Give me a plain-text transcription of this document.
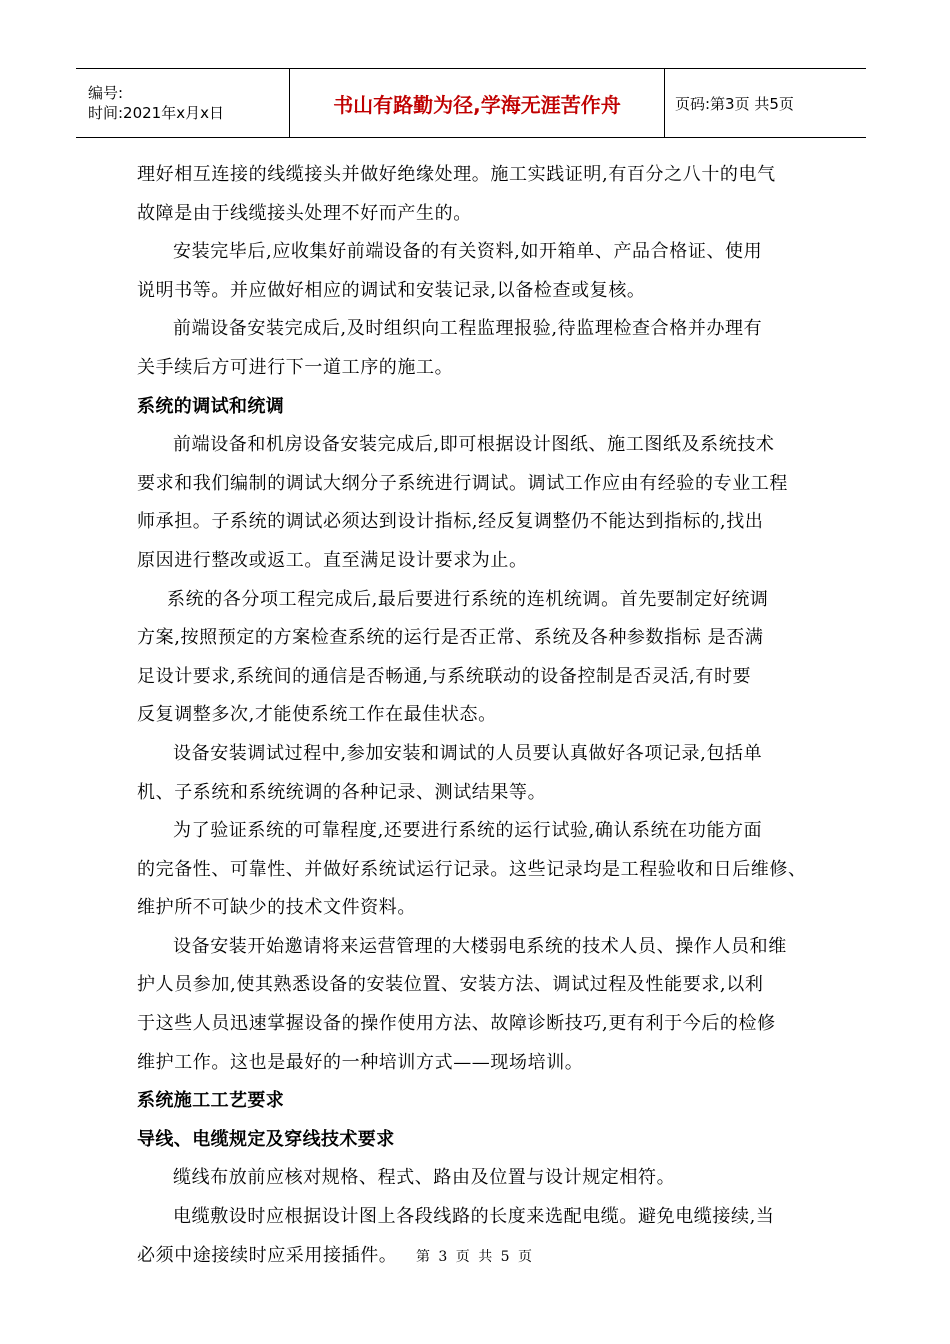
编号:
时间:2021年x月x日	书山有路勤为径,学海无涯苦作舟	页码:第3页 共5页
理好相互连接的线缆接头并做好绝缘处理。施工实践证明,有百分之八十的电气
故障是由于线缆接头处理不好而产生的。
安装完毕后,应收集好前端设备的有关资料,如开箱单、产品合格证、使用
说明书等。并应做好相应的调试和安装记录,以备检查或复核。
前端设备安装完成后,及时组织向工程监理报验,待监理检查合格并办理有
关手续后方可进行下一道工序的施工。
系统的调试和统调
前端设备和机房设备安装完成后,即可根据设计图纸、施工图纸及系统技术
要求和我们编制的调试大纲分子系统进行调试。调试工作应由有经验的专业工程
师承担。子系统的调试必须达到设计指标,经反复调整仍不能达到指标的,找出
原因进行整改或返工。直至满足设计要求为止。
系统的各分项工程完成后,最后要进行系统的连机统调。首先要制定好统调
方案,按照预定的方案检查系统的运行是否正常、系统及各种参数指标 是否满
足设计要求,系统间的通信是否畅通,与系统联动的设备控制是否灵活,有时要
反复调整多次,才能使系统工作在最佳状态。
设备安装调试过程中,参加安装和调试的人员要认真做好各项记录,包括单
机、子系统和系统统调的各种记录、测试结果等。
为了验证系统的可靠程度,还要进行系统的运行试验,确认系统在功能方面
的完备性、可靠性、并做好系统试运行记录。这些记录均是工程验收和日后维修、
维护所不可缺少的技术文件资料。
设备安装开始邀请将来运营管理的大楼弱电系统的技术人员、操作人员和维
护人员参加,使其熟悉设备的安装位置、安装方法、调试过程及性能要求,以利
于这些人员迅速掌握设备的操作使用方法、故障诊断技巧,更有利于今后的检修
维护工作。这也是最好的一种培训方式——现场培训。
系统施工工艺要求
导线、电缆规定及穿线技术要求
缆线布放前应核对规格、程式、路由及位置与设计规定相符。
电缆敷设时应根据设计图上各段线路的长度来选配电缆。避免电缆接续,当
必须中途接续时应采用接插件。	第 3 页 共 5 页
